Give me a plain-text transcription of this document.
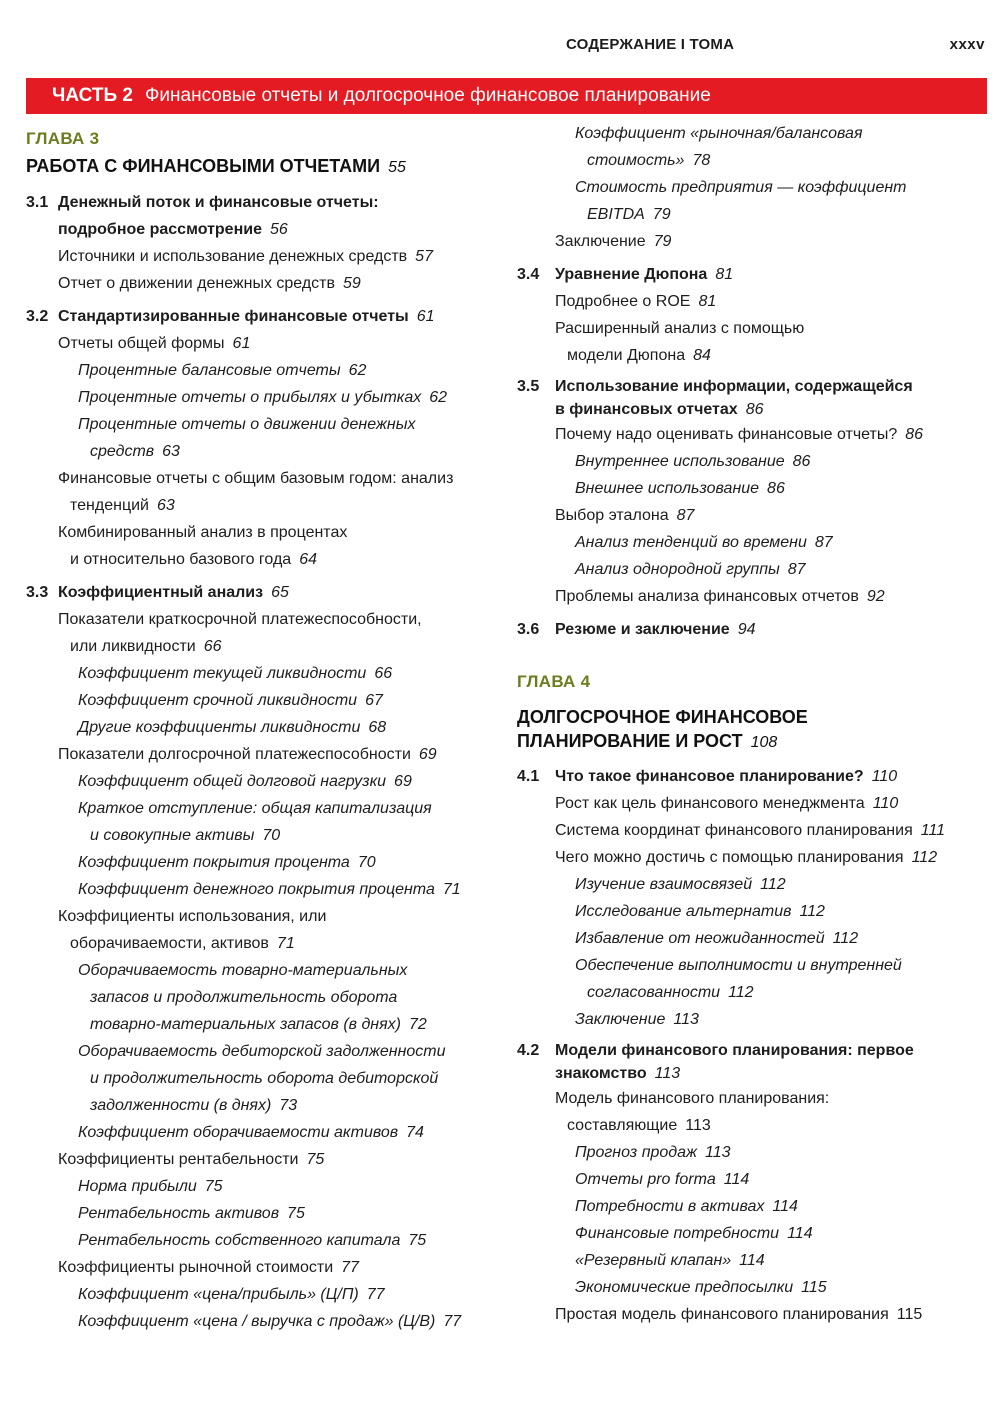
СОДЕРЖАНИЕ I ТОМА	xxxv
ЧАСТЬ 2 Финансовые отчеты и долгосрочное финансовое планирование
ГЛАВА 3
РАБОТА С ФИНАНСОВЫМИ ОТЧЕТАМИ 55
3.1 Денежный поток и финансовые отчеты:
подробное рассмотрение 56
Источники и использование денежных средств 57
Отчет о движении денежных средств 59
3.2 Стандартизированные финансовые отчеты 61
Отчеты общей формы 61
Процентные балансовые отчеты 62
Процентные отчеты о прибылях и убытках 62
Процентные отчеты о движении денежных
средств 63
Финансовые отчеты с общим базовым годом: анализ
тенденций 63
Комбинированный анализ в процентах
и относительно базового года 64
3.3 Коэффициентный анализ 65
Показатели краткосрочной платежеспособности,
или ликвидности 66
Коэффициент текущей ликвидности 66
Коэффициент срочной ликвидности 67
Другие коэффициенты ликвидности 68
Показатели долгосрочной платежеспособности 69
Коэффициент общей долговой нагрузки 69
Краткое отступление: общая капитализация
и совокупные активы 70
Коэффициент покрытия процента 70
Коэффициент денежного покрытия процента 71
Коэффициенты использования, или
оборачиваемости, активов 71
Оборачиваемость товарно-материальных
запасов и продолжительность оборота
товарно-материальных запасов (в днях) 72
Оборачиваемость дебиторской задолженности
и продолжительность оборота дебиторской
задолженности (в днях) 73
Коэффициент оборачиваемости активов 74
Коэффициенты рентабельности 75
Норма прибыли 75
Рентабельность активов 75
Рентабельность собственного капитала 75
Коэффициенты рыночной стоимости 77
Коэффициент «цена/прибыль» (Ц/П) 77
Коэффициент «цена / выручка с продаж» (Ц/В) 77
Коэффициент «рыночная/балансовая
стоимость» 78
Стоимость предприятия — коэффициент
EBITDA 79
Заключение 79
3.4 Уравнение Дюпона 81
Подробнее о ROE 81
Расширенный анализ с помощью
модели Дюпона 84
3.5 Использование информации, содержащейся
в финансовых отчетах 86
Почему надо оценивать финансовые отчеты? 86
Внутреннее использование 86
Внешнее использование 86
Выбор эталона 87
Анализ тенденций во времени 87
Анализ однородной группы 87
Проблемы анализа финансовых отчетов 92
3.6 Резюме и заключение 94
ГЛАВА 4
ДОЛГОСРОЧНОЕ ФИНАНСОВОЕ
ПЛАНИРОВАНИЕ И РОСТ 108
4.1 Что такое финансовое планирование? 110
Рост как цель финансового менеджмента 110
Система координат финансового планирования 111
Чего можно достичь с помощью планирования 112
Изучение взаимосвязей 112
Исследование альтернатив 112
Избавление от неожиданностей 112
Обеспечение выполнимости и внутренней
согласованности 112
Заключение 113
4.2 Модели финансового планирования: первое
знакомство 113
Модель финансового планирования:
составляющие 113
Прогноз продаж 113
Отчеты pro forma 114
Потребности в активах 114
Финансовые потребности 114
«Резервный клапан» 114
Экономические предпосылки 115
Простая модель финансового планирования 115
